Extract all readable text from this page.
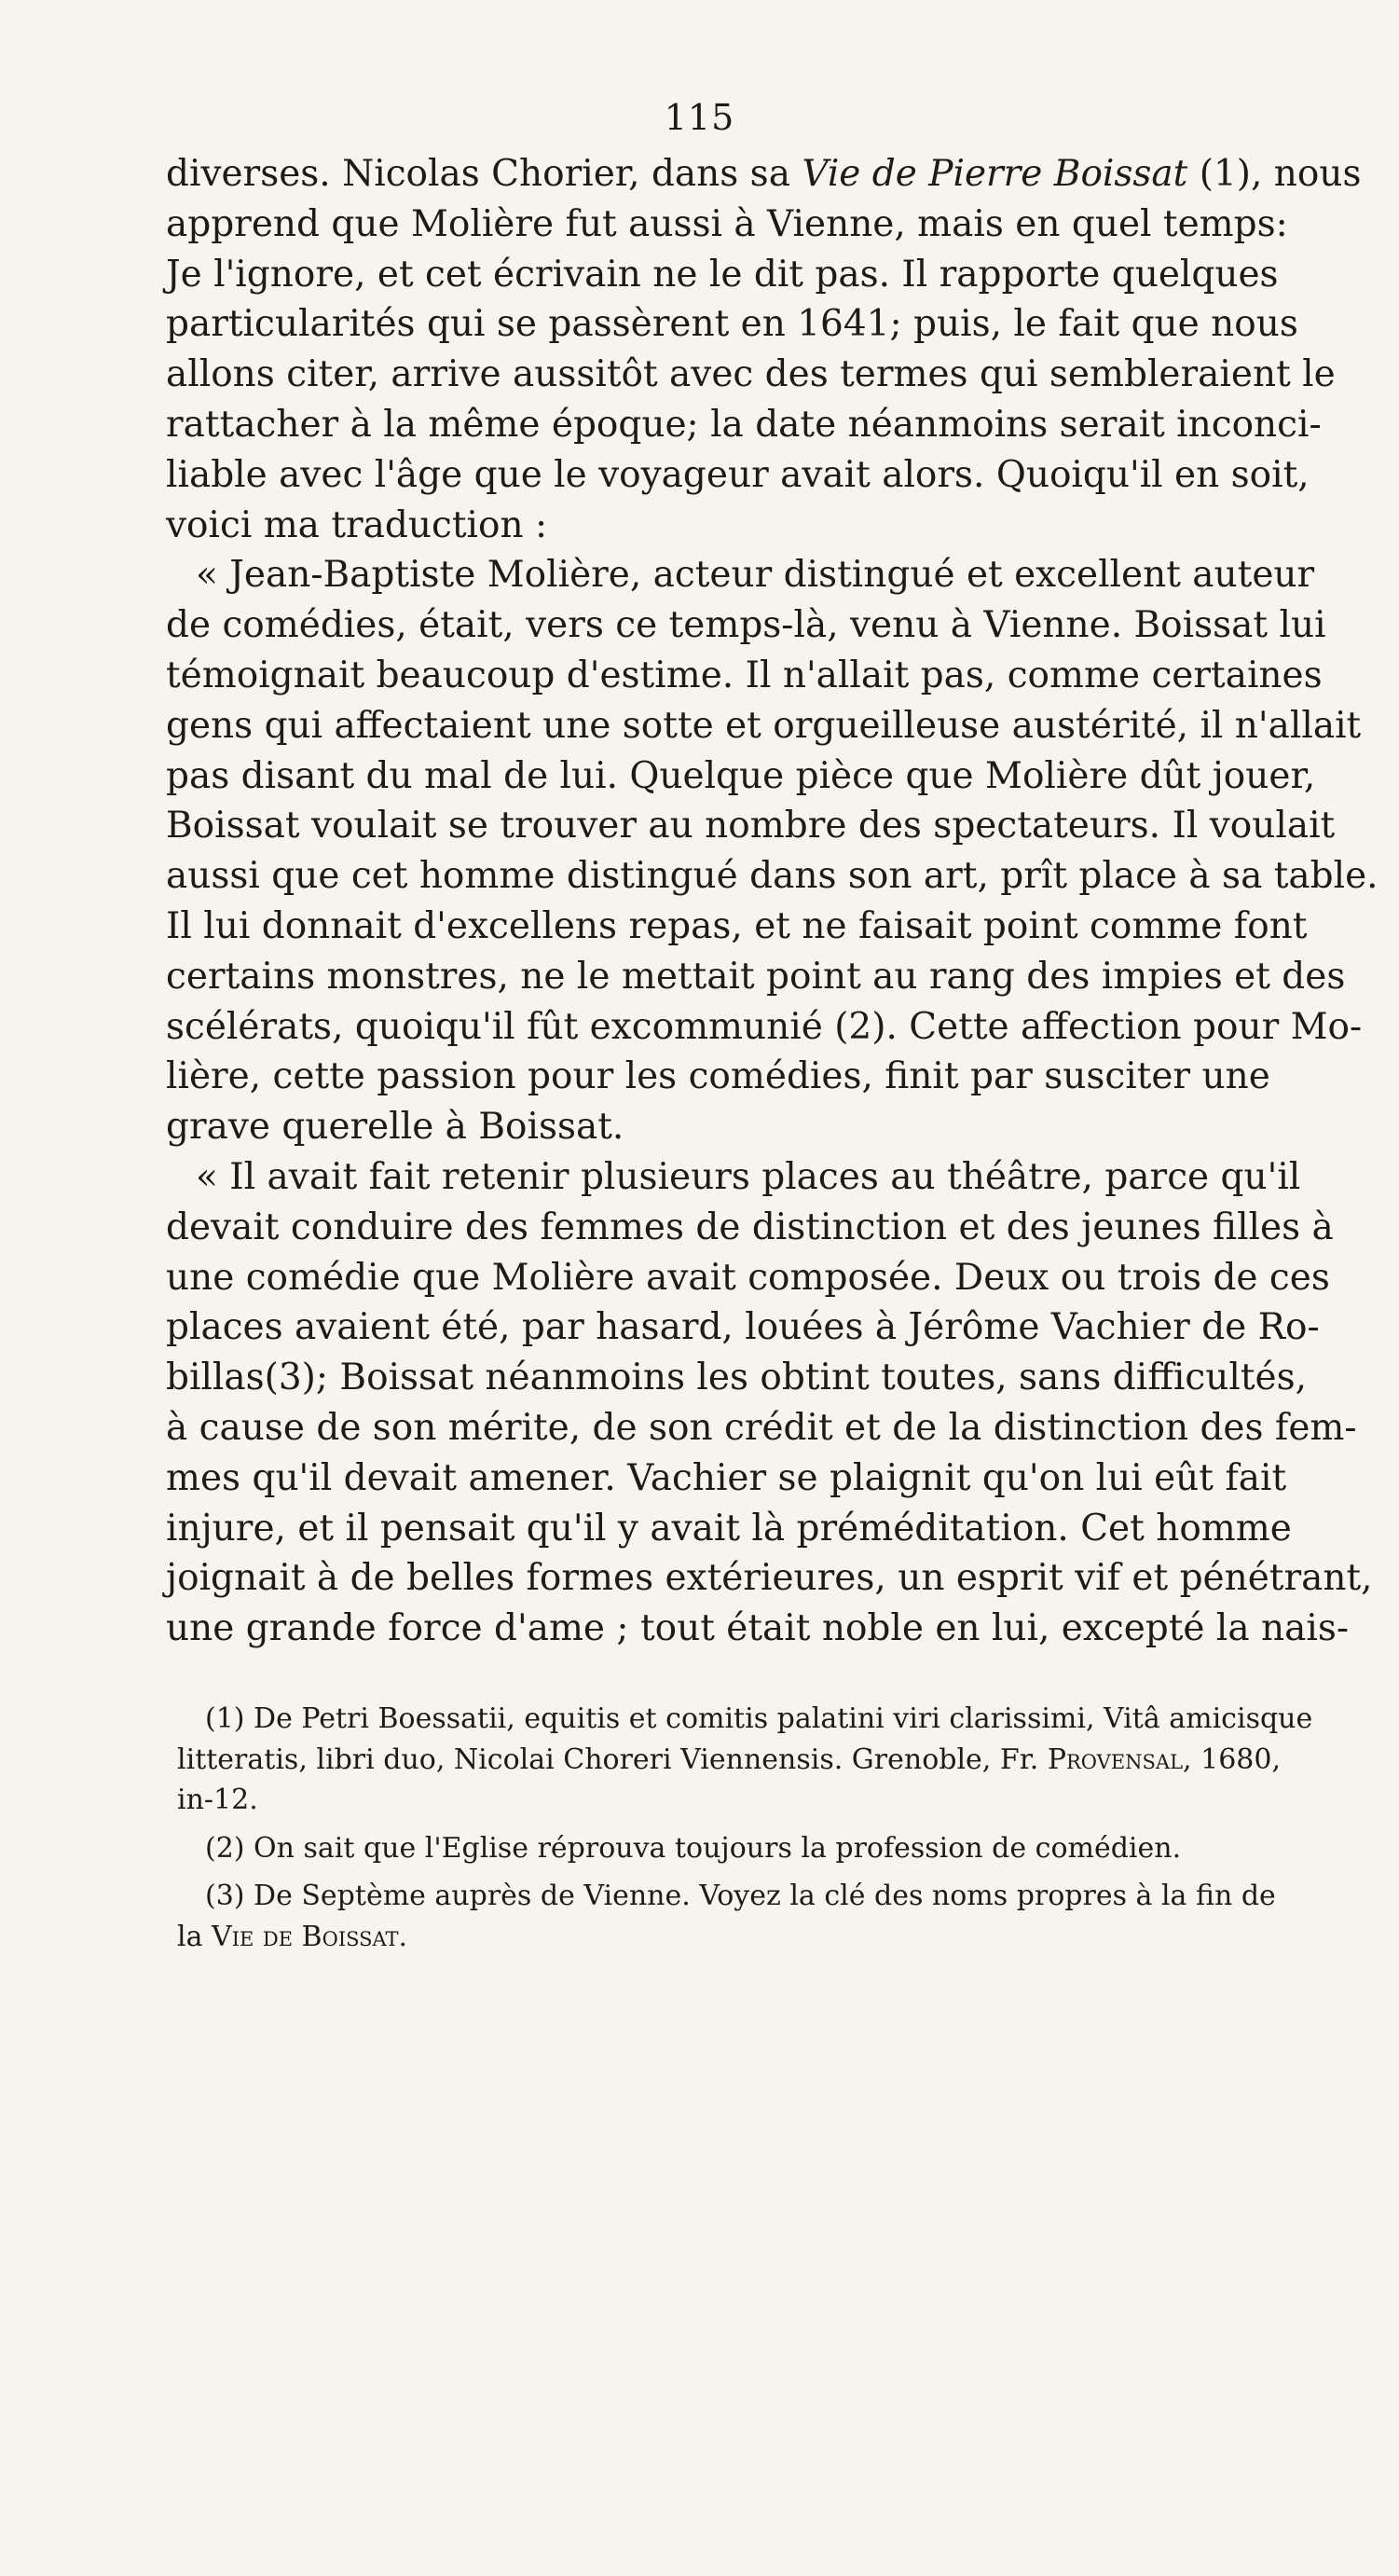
115
diverses. Nicolas Chorier, dans sa Vie de Pierre Boissat (1), nous
apprend que Molière fut aussi à Vienne, mais en quel temps:
Je l'ignore, et cet écrivain ne le dit pas. Il rapporte quelques
particularités qui se passèrent en 1641; puis, le fait que nous
allons citer, arrive aussitôt avec des termes qui sembleraient le
rattacher à la même époque; la date néanmoins serait inconci-
liable avec l'âge que le voyageur avait alors. Quoiqu'il en soit,
voici ma traduction :
« Jean-Baptiste Molière, acteur distingué et excellent auteur
de comédies, était, vers ce temps-là, venu à Vienne. Boissat lui
témoignait beaucoup d'estime. Il n'allait pas, comme certaines
gens qui affectaient une sotte et orgueilleuse austérité, il n'allait
pas disant du mal de lui. Quelque pièce que Molière dût jouer,
Boissat voulait se trouver au nombre des spectateurs. Il voulait
aussi que cet homme distingué dans son art, prît place à sa table.
Il lui donnait d'excellens repas, et ne faisait point comme font
certains monstres, ne le mettait point au rang des impies et des
scélérats, quoiqu'il fût excommunié (2). Cette affection pour Mo-
lière, cette passion pour les comédies, finit par susciter une
grave querelle à Boissat.
« Il avait fait retenir plusieurs places au théâtre, parce qu'il
devait conduire des femmes de distinction et des jeunes filles à
une comédie que Molière avait composée. Deux ou trois de ces
places avaient été, par hasard, louées à Jérôme Vachier de Ro-
billas(3); Boissat néanmoins les obtint toutes, sans difficultés,
à cause de son mérite, de son crédit et de la distinction des fem-
mes qu'il devait amener. Vachier se plaignit qu'on lui eût fait
injure, et il pensait qu'il y avait là préméditation. Cet homme
joignait à de belles formes extérieures, un esprit vif et pénétrant,
une grande force d'ame ; tout était noble en lui, excepté la nais-
(1) De Petri Boessatii, equitis et comitis palatini viri clarissimi, Vitâ amicisque
litteratis, libri duo, Nicolai Choreri Viennensis. Grenoble, Fr. Provensal, 1680,
in-12.
(2) On sait que l'Eglise réprouva toujours la profession de comédien.
(3) De Septème auprès de Vienne. Voyez la clé des noms propres à la fin de
la Vie de Boissat.
